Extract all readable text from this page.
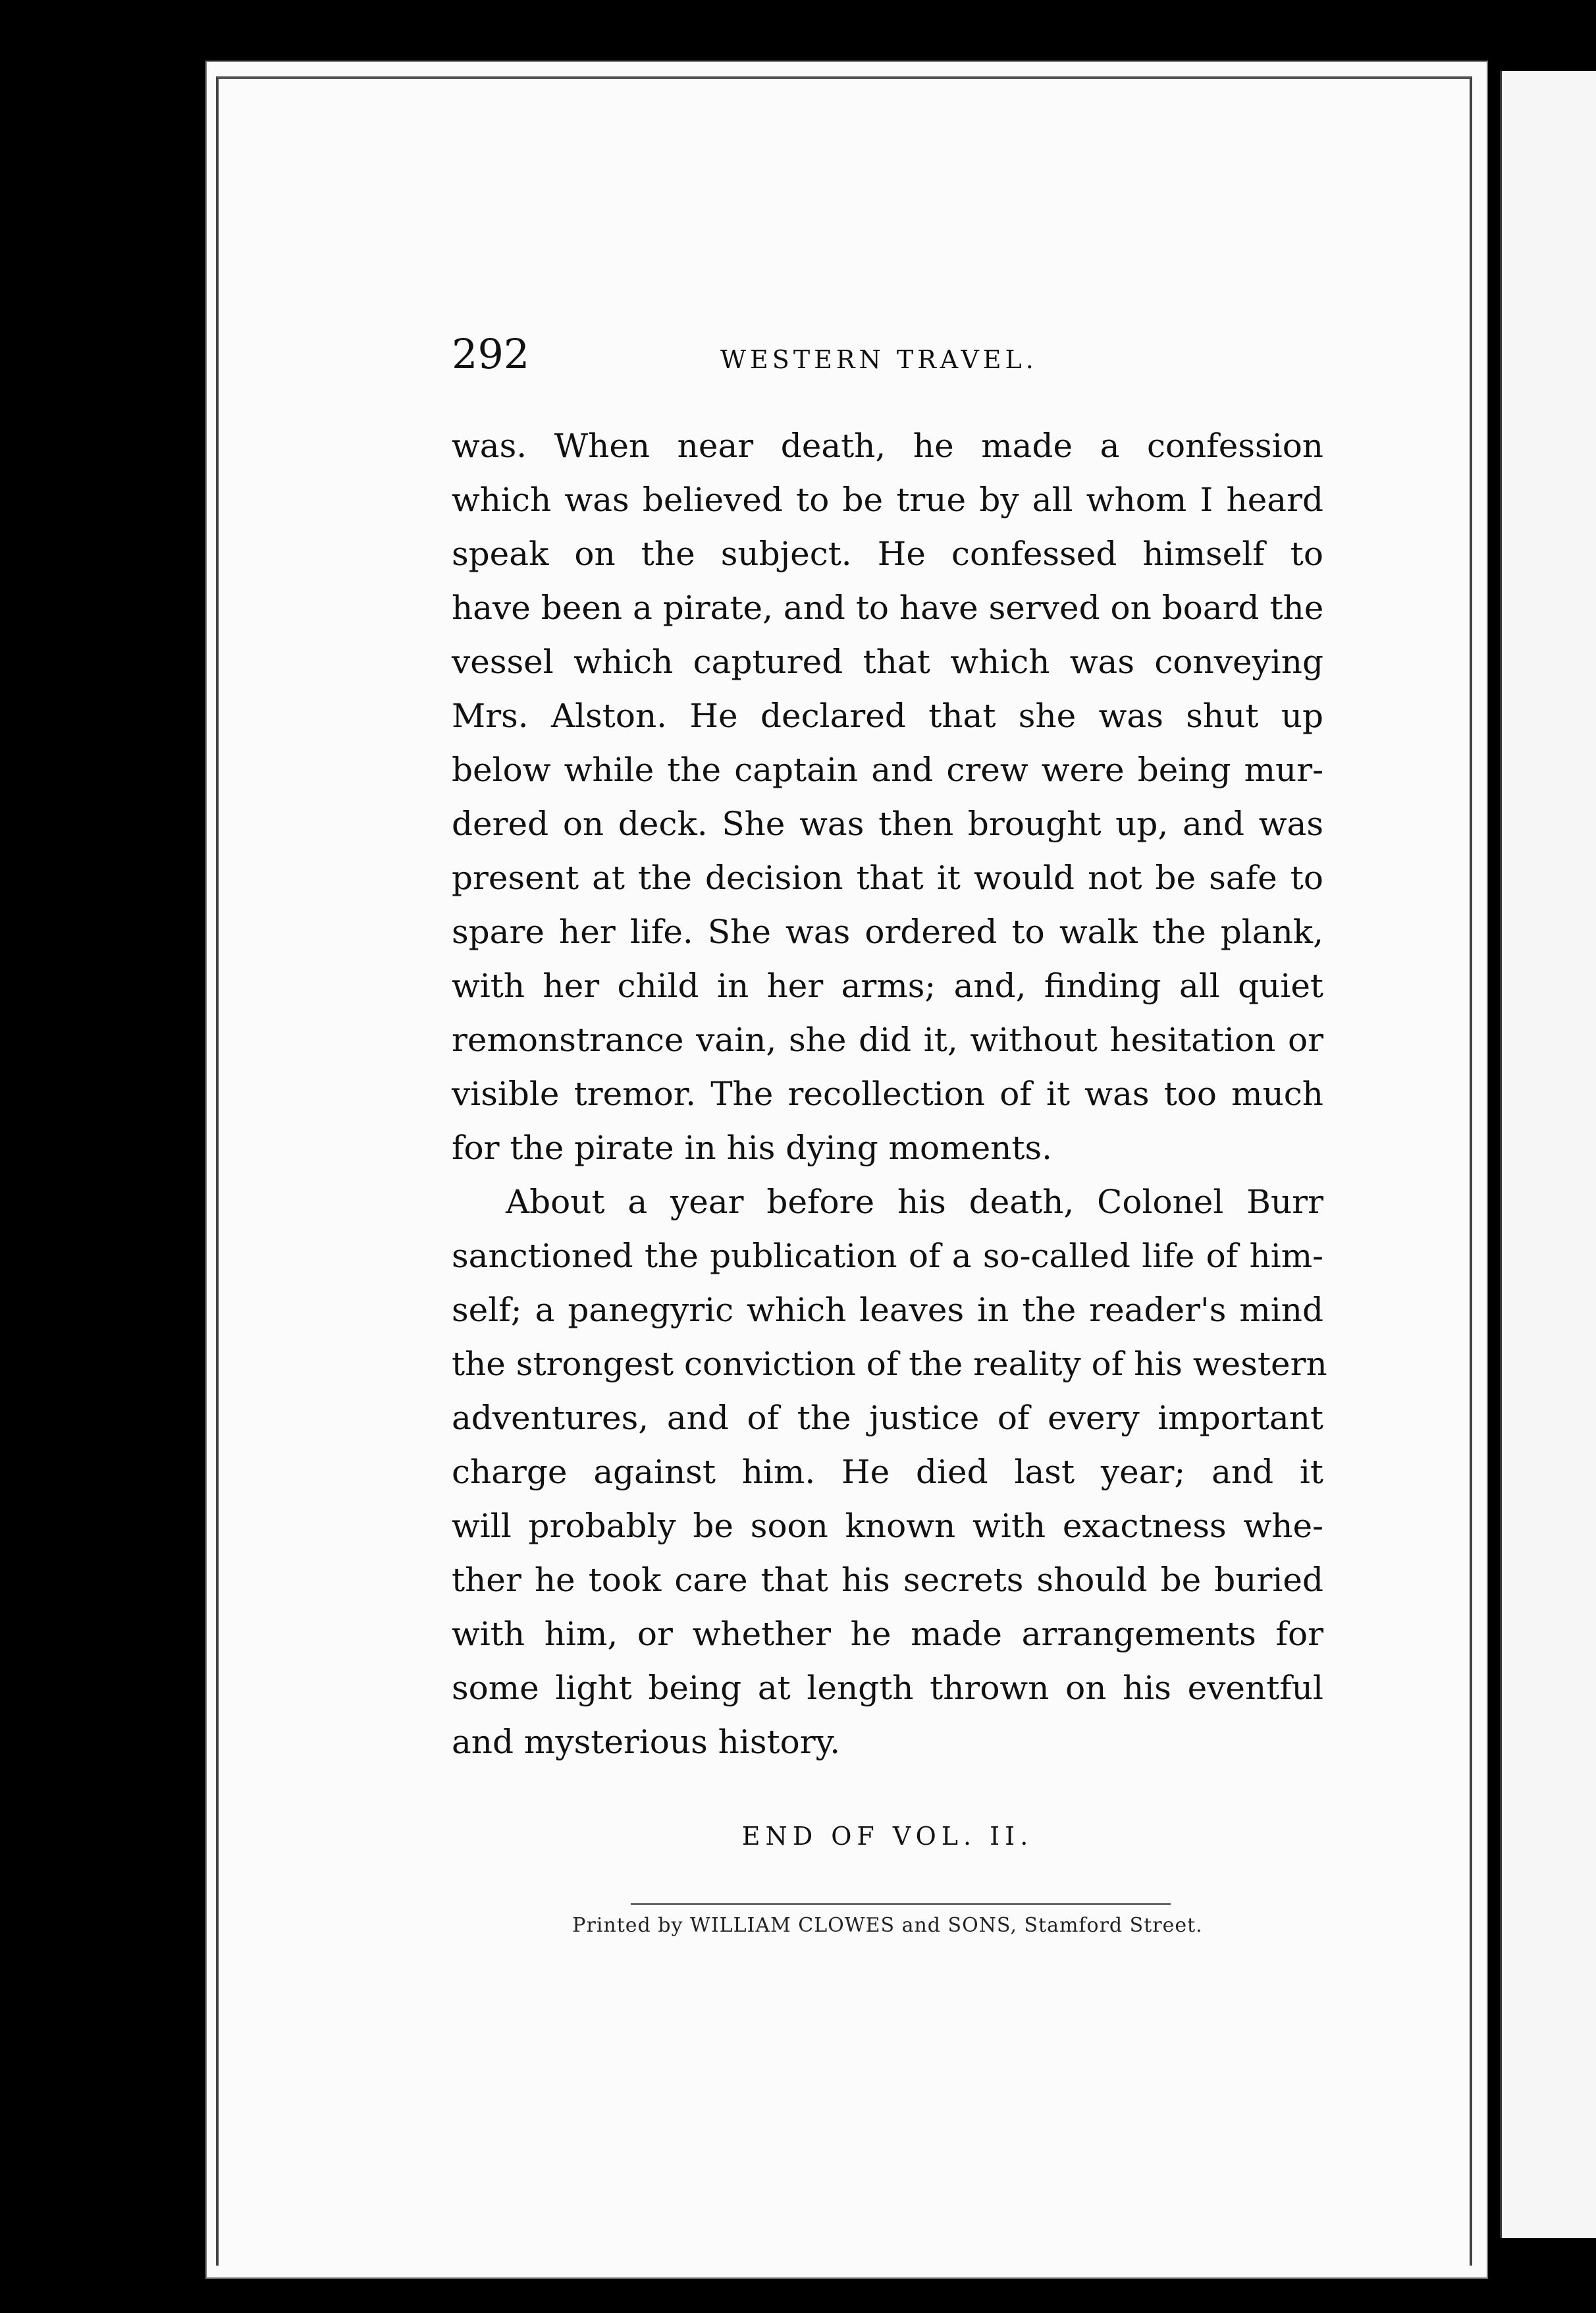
292	WESTERN TRAVEL.
was. When near death, he made a confession
which was believed to be true by all whom I heard
speak on the subject. He confessed himself to
have been a pirate, and to have served on board the
vessel which captured that which was conveying
Mrs. Alston. He declared that she was shut up
below while the captain and crew were being mur-
dered on deck. She was then brought up, and was
present at the decision that it would not be safe to
spare her life. She was ordered to walk the plank,
with her child in her arms; and, finding all quiet
remonstrance vain, she did it, without hesitation or
visible tremor. The recollection of it was too much
for the pirate in his dying moments.
About a year before his death, Colonel Burr
sanctioned the publication of a so-called life of him-
self; a panegyric which leaves in the reader's mind
the strongest conviction of the reality of his western
adventures, and of the justice of every important
charge against him. He died last year; and it
will probably be soon known with exactness whe-
ther he took care that his secrets should be buried
with him, or whether he made arrangements for
some light being at length thrown on his eventful
and mysterious history.
END OF VOL. II.
Printed by WILLIAM CLOWES and SONS, Stamford Street.
